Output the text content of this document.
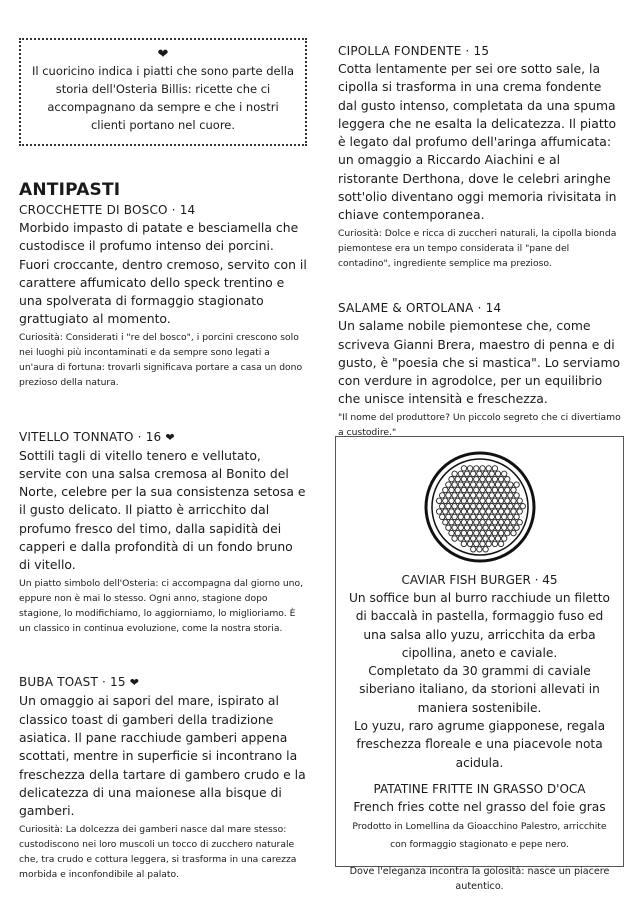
❤
Il cuoricino indica i piatti che sono parte della storia dell'Osteria Billis: ricette che ci accompagnano da sempre e che i nostri clienti portano nel cuore.
ANTIPASTI
CROCCHETTE DI BOSCO · 14
Morbido impasto di patate e besciamella che custodisce il profumo intenso dei porcini. Fuori croccante, dentro cremoso, servito con il carattere affumicato dello speck trentino e una spolverata di formaggio stagionato grattugiato al momento.
Curiosità: Considerati i "re del bosco", i porcini crescono solo nei luoghi più incontaminati e da sempre sono legati a un'aura di fortuna: trovarli significava portare a casa un dono prezioso della natura.
VITELLO TONNATO · 16 ❤
Sottili tagli di vitello tenero e vellutato, servite con una salsa cremosa al Bonito del Norte, celebre per la sua consistenza setosa e il gusto delicato. Il piatto è arricchito dal profumo fresco del timo, dalla sapidità dei capperi e dalla profondità di un fondo bruno di vitello.
Un piatto simbolo dell'Osteria: ci accompagna dal giorno uno, eppure non è mai lo stesso. Ogni anno, stagione dopo stagione, lo modifichiamo, lo aggiorniamo, lo miglioriamo. È un classico in continua evoluzione, come la nostra storia.
BUBA TOAST · 15 ❤
Un omaggio ai sapori del mare, ispirato al classico toast di gamberi della tradizione asiatica. Il pane racchiude gamberi appena scottati, mentre in superficie si incontrano la freschezza della tartare di gambero crudo e la delicatezza di una maionese alla bisque di gamberi.
Curiosità: La dolcezza dei gamberi nasce dal mare stesso: custodiscono nei loro muscoli un tocco di zucchero naturale che, tra crudo e cottura leggera, si trasforma in una carezza morbida e inconfondibile al palato.
CIPOLLA FONDENTE · 15
Cotta lentamente per sei ore sotto sale, la cipolla si trasforma in una crema fondente dal gusto intenso, completata da una spuma leggera che ne esalta la delicatezza. Il piatto è legato dal profumo dell'aringa affumicata: un omaggio a Riccardo Aiachini e al ristorante Derthona, dove le celebri aringhe sott'olio diventano oggi memoria rivisitata in chiave contemporanea.
Curiosità: Dolce e ricca di zuccheri naturali, la cipolla bionda piemontese era un tempo considerata il "pane del contadino", ingrediente semplice ma prezioso.
SALAME & ORTOLANA · 14
Un salame nobile piemontese che, come scriveva Gianni Brera, maestro di penna e di gusto, è "poesia che si mastica". Lo serviamo con verdure in agrodolce, per un equilibrio che unisce intensità e freschezza.
"Il nome del produttore? Un piccolo segreto che ci divertiamo a custodire."
CAVIAR FISH BURGER · 45
Un soffice bun al burro racchiude un filetto di baccalà in pastella, formaggio fuso ed una salsa allo yuzu, arricchita da erba cipollina, aneto e caviale.
Completato da 30 grammi di caviale siberiano italiano, da storioni allevati in maniera sostenibile.
Lo yuzu, raro agrume giapponese, regala freschezza floreale e una piacevole nota acidula.
PATATINE FRITTE IN GRASSO D'OCA
French fries cotte nel grasso del foie gras Prodotto in Lomellina da Gioacchino Palestro, arricchite con formaggio stagionato e pepe nero.
Dove l'eleganza incontra la golosità: nasce un piacere autentico.
